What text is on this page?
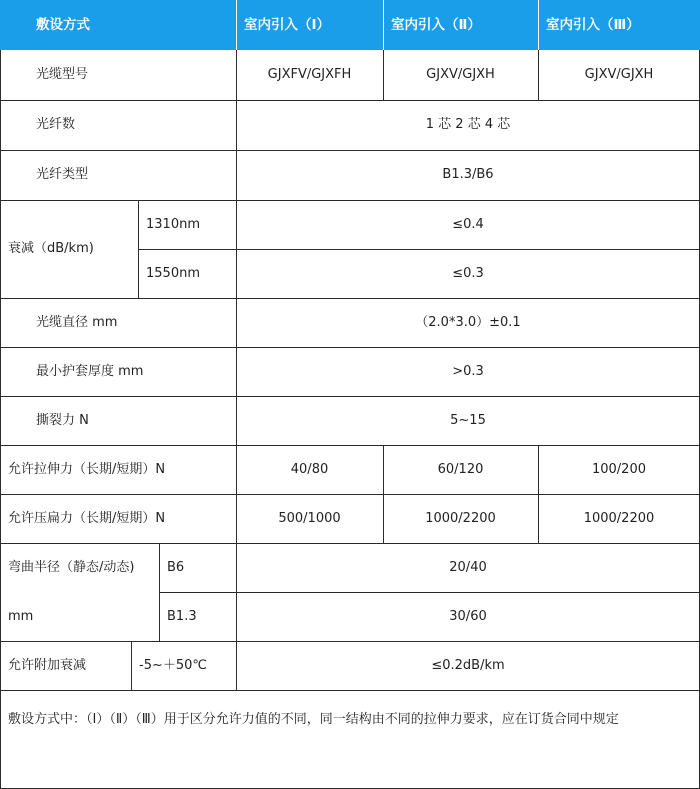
敷设方式	室内引入（Ⅰ）	室内引入（Ⅱ）	室内引入（Ⅲ）
光缆型号	GJXFV/GJXFH	GJXV/GJXH	GJXV/GJXH
光纤数	1 芯 2 芯 4 芯
光纤类型	B1.3/B6
衰减（dB/km)
1310nm	≤0.4
1550nm	≤0.3
光缆直径 mm	（2.0*3.0）±0.1
最小护套厚度 mm	>0.3
撕裂力 N	5~15
允许拉伸力（长期/短期）N	40/80	60/120	100/200
允许压扁力（长期/短期）N	500/1000	1000/2200	1000/2200
弯曲半径（静态/动态)
mm
B6	20/40
B1.3	30/60
允许附加衰减	-5~＋50℃	≤0.2dB/km
敷设方式中：（Ⅰ）（Ⅱ）（Ⅲ）用于区分允许力值的不同，同一结构由不同的拉伸力要求，应在订货合同中规定
